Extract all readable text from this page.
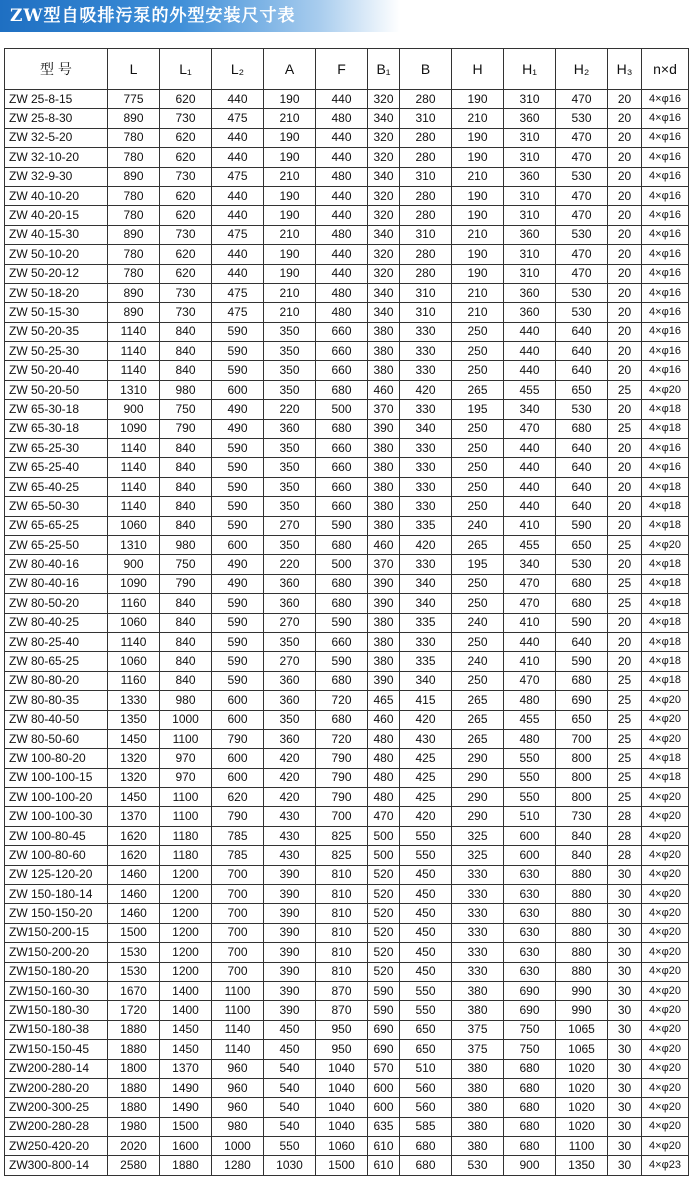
ZW型自吸排污泵的外型安装尺寸表
型 号	L	L₁	L₂	A	F	B₁	B	H	H₁	H₂	H₃	n×d
ZW 25-8-15	775	620	440	190	440	320	280	190	310	470	20	4×φ16
ZW 25-8-30	890	730	475	210	480	340	310	210	360	530	20	4×φ16
ZW 32-5-20	780	620	440	190	440	320	280	190	310	470	20	4×φ16
ZW 32-10-20	780	620	440	190	440	320	280	190	310	470	20	4×φ16
ZW 32-9-30	890	730	475	210	480	340	310	210	360	530	20	4×φ16
ZW 40-10-20	780	620	440	190	440	320	280	190	310	470	20	4×φ16
ZW 40-20-15	780	620	440	190	440	320	280	190	310	470	20	4×φ16
ZW 40-15-30	890	730	475	210	480	340	310	210	360	530	20	4×φ16
ZW 50-10-20	780	620	440	190	440	320	280	190	310	470	20	4×φ16
ZW 50-20-12	780	620	440	190	440	320	280	190	310	470	20	4×φ16
ZW 50-18-20	890	730	475	210	480	340	310	210	360	530	20	4×φ16
ZW 50-15-30	890	730	475	210	480	340	310	210	360	530	20	4×φ16
ZW 50-20-35	1140	840	590	350	660	380	330	250	440	640	20	4×φ16
ZW 50-25-30	1140	840	590	350	660	380	330	250	440	640	20	4×φ16
ZW 50-20-40	1140	840	590	350	660	380	330	250	440	640	20	4×φ16
ZW 50-20-50	1310	980	600	350	680	460	420	265	455	650	25	4×φ20
ZW 65-30-18	900	750	490	220	500	370	330	195	340	530	20	4×φ18
ZW 65-30-18	1090	790	490	360	680	390	340	250	470	680	25	4×φ18
ZW 65-25-30	1140	840	590	350	660	380	330	250	440	640	20	4×φ16
ZW 65-25-40	1140	840	590	350	660	380	330	250	440	640	20	4×φ16
ZW 65-40-25	1140	840	590	350	660	380	330	250	440	640	20	4×φ18
ZW 65-50-30	1140	840	590	350	660	380	330	250	440	640	20	4×φ18
ZW 65-65-25	1060	840	590	270	590	380	335	240	410	590	20	4×φ18
ZW 65-25-50	1310	980	600	350	680	460	420	265	455	650	25	4×φ20
ZW 80-40-16	900	750	490	220	500	370	330	195	340	530	20	4×φ18
ZW 80-40-16	1090	790	490	360	680	390	340	250	470	680	25	4×φ18
ZW 80-50-20	1160	840	590	360	680	390	340	250	470	680	25	4×φ18
ZW 80-40-25	1060	840	590	270	590	380	335	240	410	590	20	4×φ18
ZW 80-25-40	1140	840	590	350	660	380	330	250	440	640	20	4×φ18
ZW 80-65-25	1060	840	590	270	590	380	335	240	410	590	20	4×φ18
ZW 80-80-20	1160	840	590	360	680	390	340	250	470	680	25	4×φ18
ZW 80-80-35	1330	980	600	360	720	465	415	265	480	690	25	4×φ20
ZW 80-40-50	1350	1000	600	350	680	460	420	265	455	650	25	4×φ20
ZW 80-50-60	1450	1100	790	360	720	480	430	265	480	700	25	4×φ20
ZW 100-80-20	1320	970	600	420	790	480	425	290	550	800	25	4×φ18
ZW 100-100-15	1320	970	600	420	790	480	425	290	550	800	25	4×φ18
ZW 100-100-20	1450	1100	620	420	790	480	425	290	550	800	25	4×φ20
ZW 100-100-30	1370	1100	790	430	700	470	420	290	510	730	28	4×φ20
ZW 100-80-45	1620	1180	785	430	825	500	550	325	600	840	28	4×φ20
ZW 100-80-60	1620	1180	785	430	825	500	550	325	600	840	28	4×φ20
ZW 125-120-20	1460	1200	700	390	810	520	450	330	630	880	30	4×φ20
ZW 150-180-14	1460	1200	700	390	810	520	450	330	630	880	30	4×φ20
ZW 150-150-20	1460	1200	700	390	810	520	450	330	630	880	30	4×φ20
ZW150-200-15	1500	1200	700	390	810	520	450	330	630	880	30	4×φ20
ZW150-200-20	1530	1200	700	390	810	520	450	330	630	880	30	4×φ20
ZW150-180-20	1530	1200	700	390	810	520	450	330	630	880	30	4×φ20
ZW150-160-30	1670	1400	1100	390	870	590	550	380	690	990	30	4×φ20
ZW150-180-30	1720	1400	1100	390	870	590	550	380	690	990	30	4×φ20
ZW150-180-38	1880	1450	1140	450	950	690	650	375	750	1065	30	4×φ20
ZW150-150-45	1880	1450	1140	450	950	690	650	375	750	1065	30	4×φ20
ZW200-280-14	1800	1370	960	540	1040	570	510	380	680	1020	30	4×φ20
ZW200-280-20	1880	1490	960	540	1040	600	560	380	680	1020	30	4×φ20
ZW200-300-25	1880	1490	960	540	1040	600	560	380	680	1020	30	4×φ20
ZW200-280-28	1980	1500	980	540	1040	635	585	380	680	1020	30	4×φ20
ZW250-420-20	2020	1600	1000	550	1060	610	680	380	680	1100	30	4×φ20
ZW300-800-14	2580	1880	1280	1030	1500	610	680	530	900	1350	30	4×φ23
